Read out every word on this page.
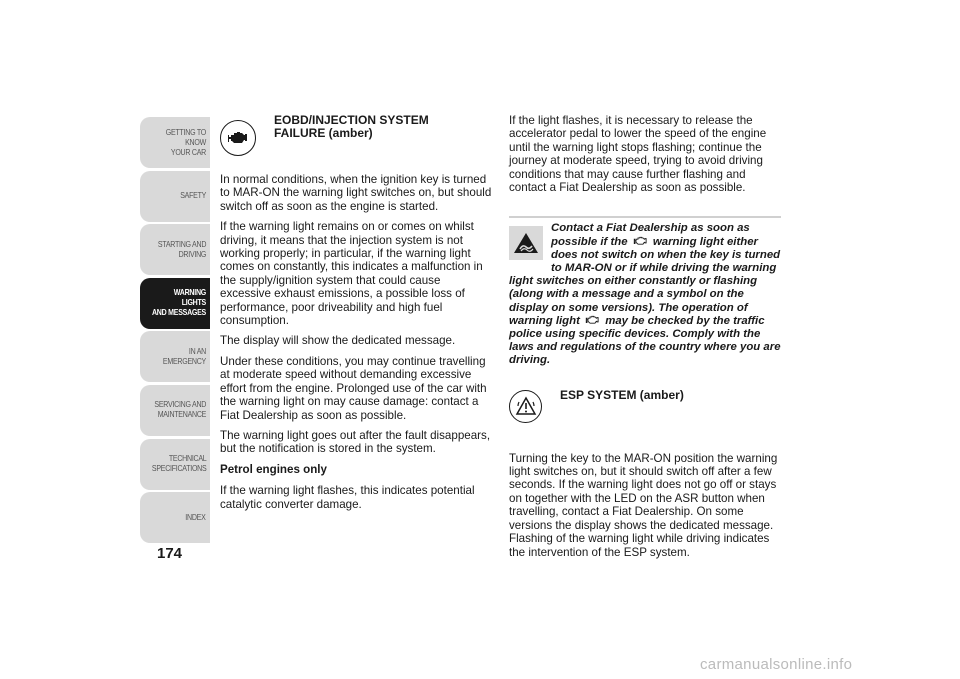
GETTING TO KNOW
YOUR CAR
SAFETY
STARTING AND
DRIVING
WARNING LIGHTS
AND MESSAGES
IN AN EMERGENCY
SERVICING AND
MAINTENANCE
TECHNICAL
SPECIFICATIONS
INDEX
174
EOBD/INJECTION SYSTEM
FAILURE (amber)

In normal conditions, when the ignition key is turned to MAR-ON the warning light switches on, but should switch off as soon as the engine is started.

If the warning light remains on or comes on whilst driving, it means that the injection system is not working properly; in particular, if the warning light comes on constantly, this indicates a malfunction in the supply/ignition system that could cause excessive exhaust emissions, a possible loss of performance, poor driveability and high fuel consumption.

The display will show the dedicated message.

Under these conditions, you may continue travelling at moderate speed without demanding excessive effort from the engine. Prolonged use of the car with the warning light on may cause damage: contact a Fiat Dealership as soon as possible.

The warning light goes out after the fault disappears, but the notification is stored in the system.

Petrol engines only

If the warning light flashes, this indicates potential catalytic converter damage.

If the light flashes, it is necessary to release the accelerator pedal to lower the speed of the engine until the warning light stops flashing; continue the journey at moderate speed, trying to avoid driving conditions that may cause further flashing and contact a Fiat Dealership as soon as possible.

Contact a Fiat Dealership as soon as possible if the  warning light either does not switch on when the key is turned to MAR-ON or if while driving the warning light switches on either constantly or flashing (along with a message and a symbol on the display on some versions). The operation of warning light  may be checked by the traffic police using specific devices. Comply with the laws and regulations of the country where you are driving.

ESP SYSTEM (amber)

Turning the key to the MAR-ON position the warning light switches on, but it should switch off after a few seconds. If the warning light does not go off or stays on together with the LED on the ASR button when travelling, contact a Fiat Dealership. On some versions the display shows the dedicated message. Flashing of the warning light while driving indicates the intervention of the ESP system.

carmanualsonline.info
